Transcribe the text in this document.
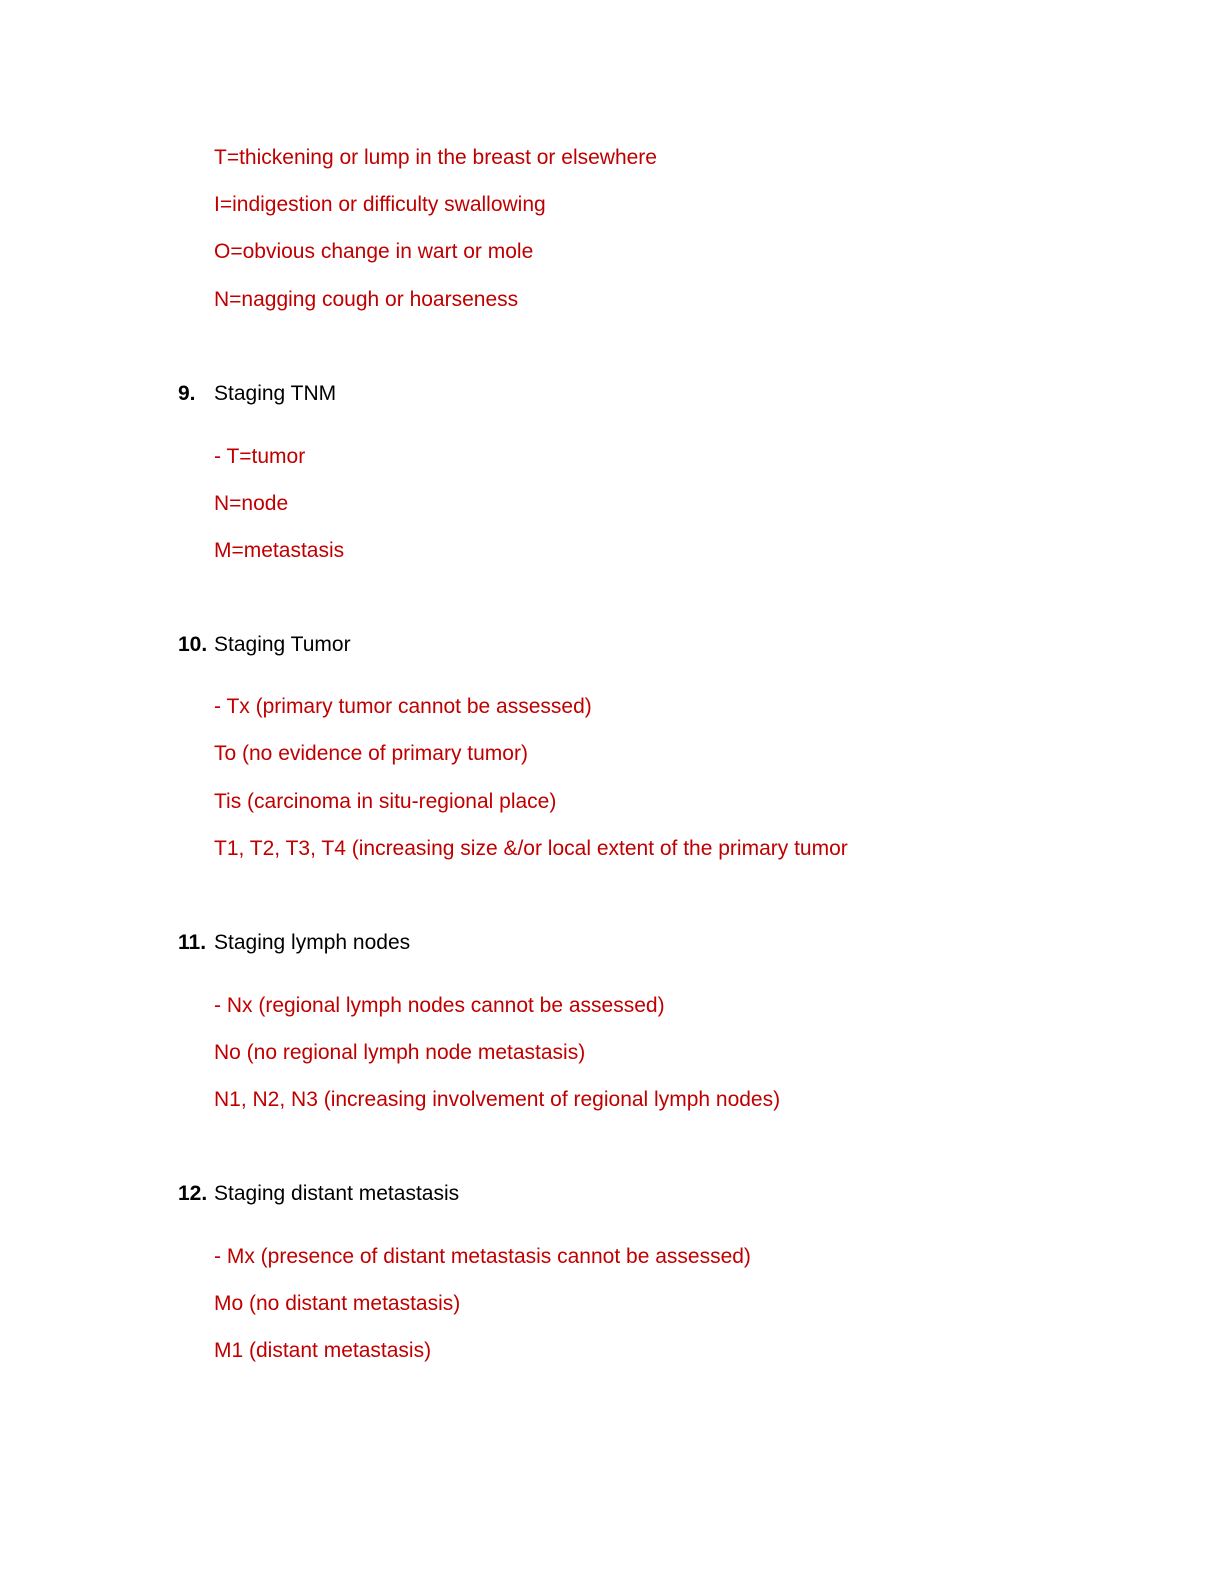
T=thickening or lump in the breast or elsewhere
I=indigestion or difficulty swallowing
O=obvious change in wart or mole
N=nagging cough or hoarseness
9. Staging TNM
- T=tumor
N=node
M=metastasis
10. Staging Tumor
- Tx (primary tumor cannot be assessed)
To (no evidence of primary tumor)
Tis (carcinoma in situ-regional place)
T1, T2, T3, T4 (increasing size &/or local extent of the primary tumor
11. Staging lymph nodes
- Nx (regional lymph nodes cannot be assessed)
No (no regional lymph node metastasis)
N1, N2, N3 (increasing involvement of regional lymph nodes)
12. Staging distant metastasis
- Mx (presence of distant metastasis cannot be assessed)
Mo (no distant metastasis)
M1 (distant metastasis)
